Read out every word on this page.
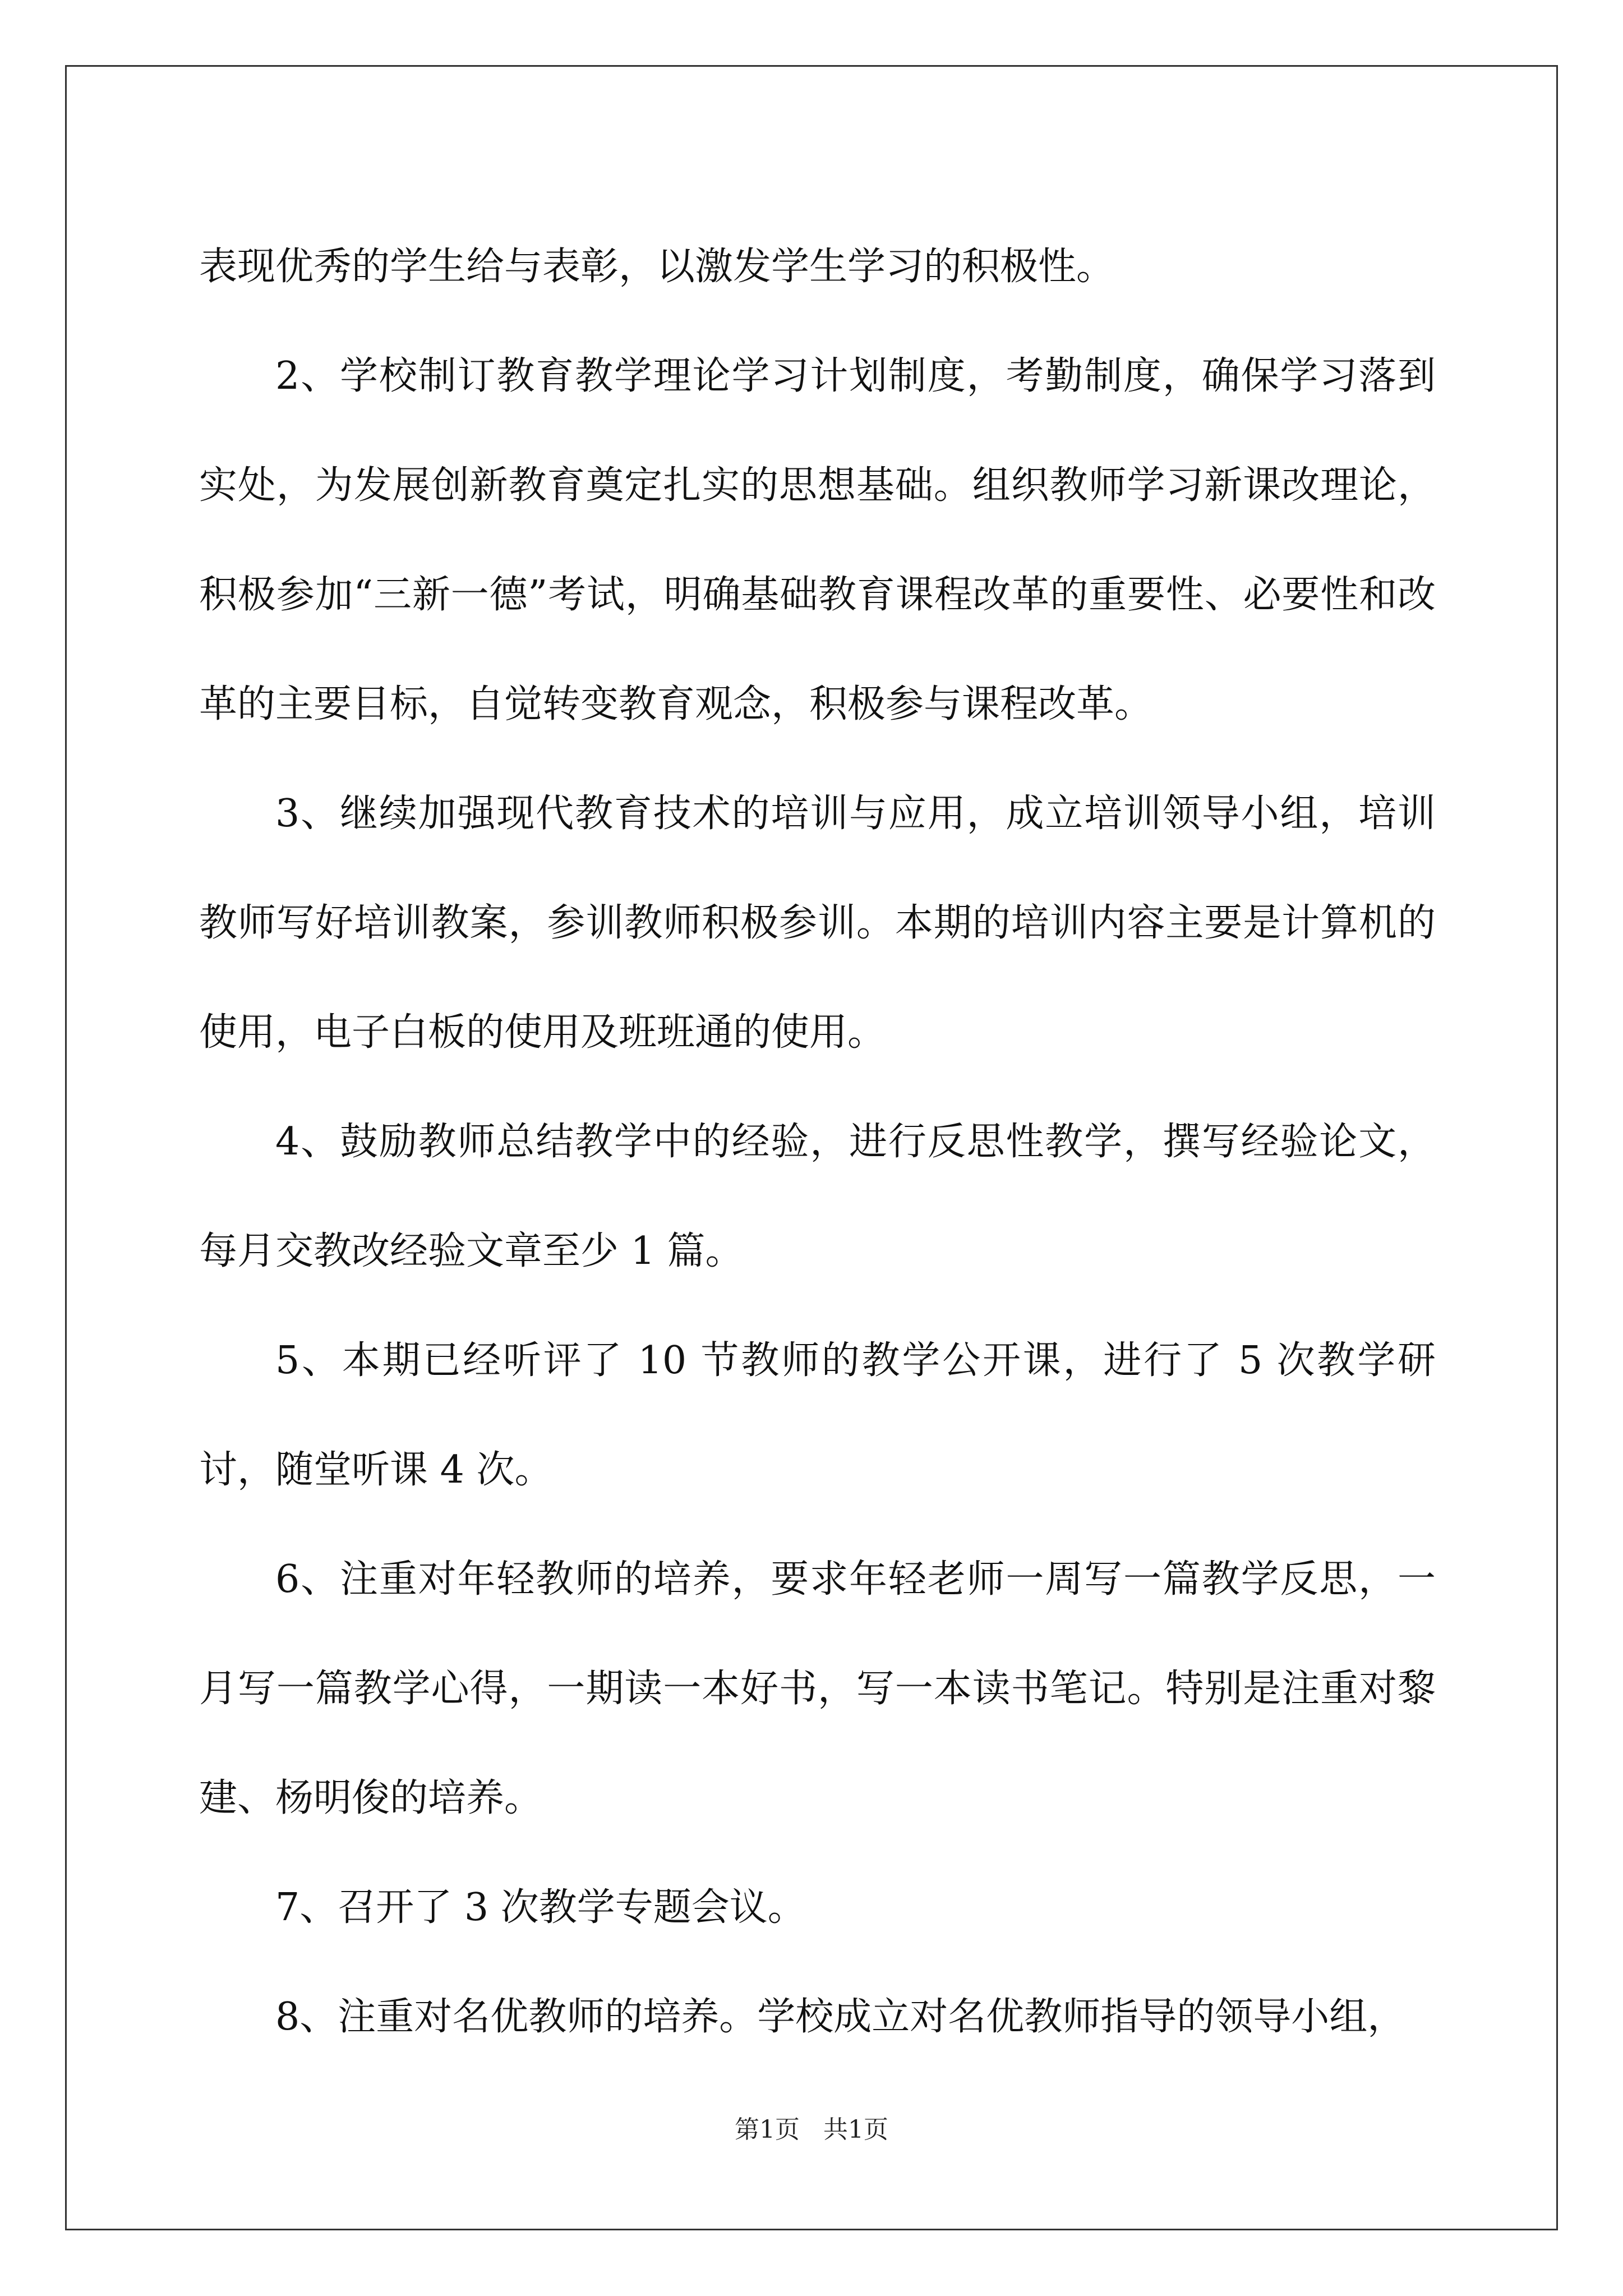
表现优秀的学生给与表彰，以激发学生学习的积极性。

2、学校制订教育教学理论学习计划制度，考勤制度，确保学习落到实处，为发展创新教育奠定扎实的思想基础。组织教师学习新课改理论，积极参加“三新一德”考试，明确基础教育课程改革的重要性、必要性和改革的主要目标，自觉转变教育观念，积极参与课程改革。

3、继续加强现代教育技术的培训与应用，成立培训领导小组，培训教师写好培训教案，参训教师积极参训。本期的培训内容主要是计算机的使用，电子白板的使用及班班通的使用。

4、鼓励教师总结教学中的经验，进行反思性教学，撰写经验论文，每月交教改经验文章至少 1 篇。

5、本期已经听评了 10 节教师的教学公开课，进行了 5 次教学研讨，随堂听课 4 次。

6、注重对年轻教师的培养，要求年轻老师一周写一篇教学反思，一月写一篇教学心得，一期读一本好书，写一本读书笔记。特别是注重对黎建、杨明俊的培养。

7、召开了 3 次教学专题会议。

8、注重对名优教师的培养。学校成立对名优教师指导的领导小组，

第1页   共1页
